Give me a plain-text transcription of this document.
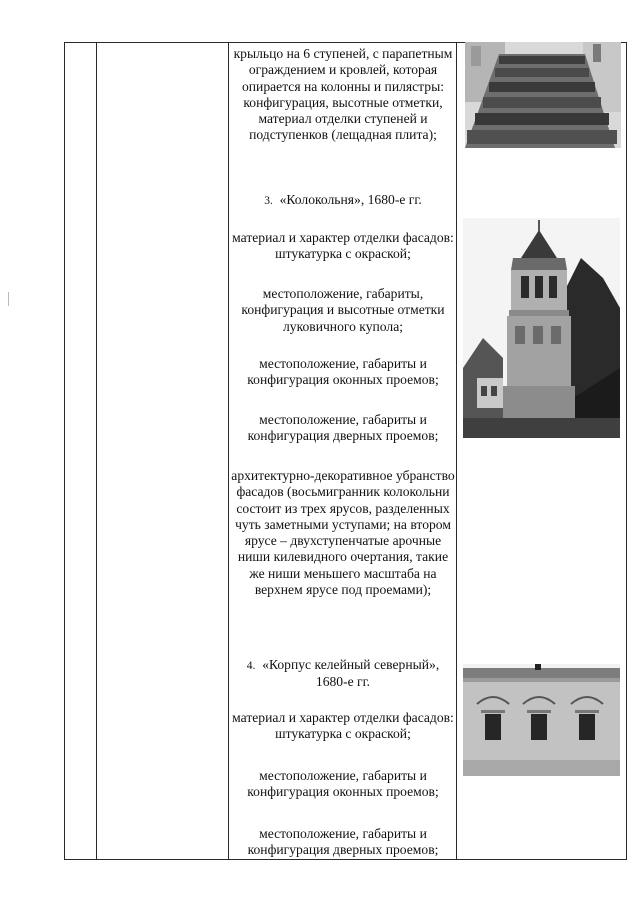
крыльцо на 6 ступеней, с парапетным ограждением и кровлей, которая опирается на колонны и пилястры: конфигурация, высотные отметки, материал отделки ступеней и подступенков (лещадная плита);
3. «Колокольня», 1680-е гг.
материал и характер отделки фасадов: штукатурка с окраской;
местоположение, габариты, конфигурация и высотные отметки луковичного купола;
местоположение, габариты и конфигурация оконных проемов;
местоположение, габариты и конфигурация дверных проемов;
архитектурно-декоративное убранство фасадов (восьмигранник колокольни состоит из трех ярусов, разделенных чуть заметными уступами; на втором ярусе – двухступенчатые арочные ниши килевидного очертания, такие же ниши меньшего масштаба на верхнем ярусе под проемами);
4. «Корпус келейный северный», 1680-е гг.
материал и характер отделки фасадов: штукатурка с окраской;
местоположение, габариты и конфигурация оконных проемов;
местоположение, габариты и конфигурация дверных проемов;
